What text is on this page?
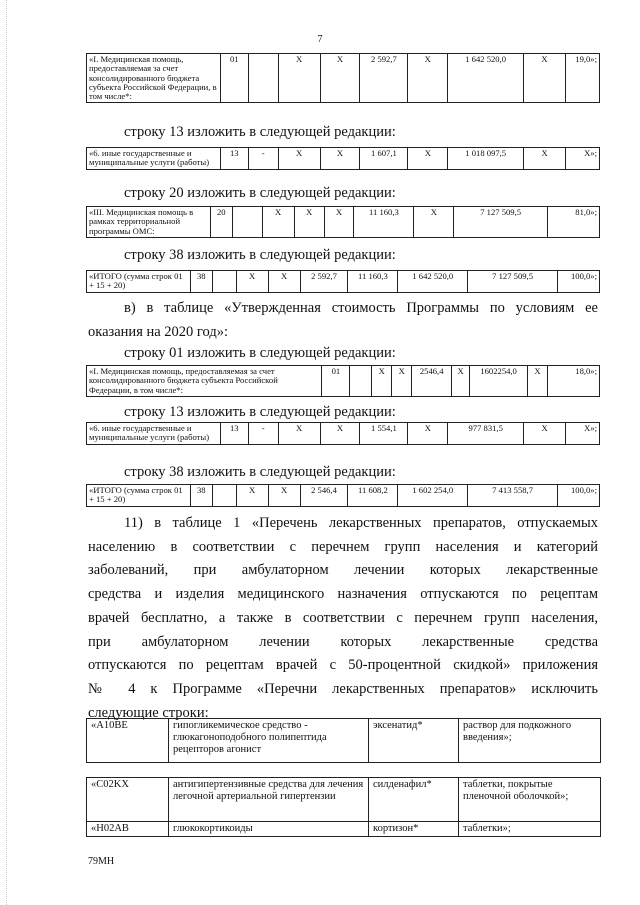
7
«I. Медицинская помощь, предоставляемая за счет консолидированного бюджета субъекта Российской Федерации, в том числе*:	01		X	X	2 592,7	X	1 642 520,0	X	19,0»;
строку 13 изложить в следующей редакции:
«6. иные государственные и муниципальные услуги (работы)	13	-	X	X	1 607,1	X	1 018 097,5	X	X»;
строку 20 изложить в следующей редакции:
«III. Медицинская помощь в рамках территориальной программы ОМС:	20		X	X	X	11 160,3	X	7 127 509,5	81,0»;
строку 38 изложить в следующей редакции:
«ИТОГО (сумма строк 01 + 15 + 20)	38		X	X	2 592,7	11 160,3	1 642 520,0	7 127 509,5	100,0»;
в) в таблице «Утвержденная стоимость Программы по условиям ее
оказания на 2020 год»:
строку 01 изложить в следующей редакции:
«I. Медицинская помощь, предоставляемая за счет консолидированного бюджета субъекта Российской Федерации, в том числе*:	01		X	X	2546,4	X	1602254,0	X	18,0»;
строку 13 изложить в следующей редакции:
«6. иные государственные и муниципальные услуги (работы)	13	-	X	X	1 554,1	X	977 831,5	X	X»;
строку 38 изложить в следующей редакции:
«ИТОГО (сумма строк 01 + 15 + 20)	38		X	X	2 546,4	11 608,2	1 602 254,0	7 413 558,7	100,0»;
11) в таблице 1 «Перечень лекарственных препаратов, отпускаемых
населению в соответствии с перечнем групп населения и категорий
заболеваний, при амбулаторном лечении которых лекарственные
средства и изделия медицинского назначения отпускаются по рецептам
врачей бесплатно, а также в соответствии с перечнем групп населения,
при амбулаторном лечении которых лекарственные средства
отпускаются по рецептам врачей с 50-процентной скидкой» приложения
№ 4 к Программе «Перечни лекарственных препаратов» исключить
следующие строки:
«A10BE	гипогликемическое средство - глюкагоноподобного полипептида рецепторов агонист	эксенатид*	раствор для подкожного введения»;
«C02KX	антигипертензивные средства для лечения легочной артериальной гипертензии	силденафил*	таблетки, покрытые пленочной оболочкой»;
«H02AB	глюкокортикоиды	кортизон*	таблетки»;
79МН
